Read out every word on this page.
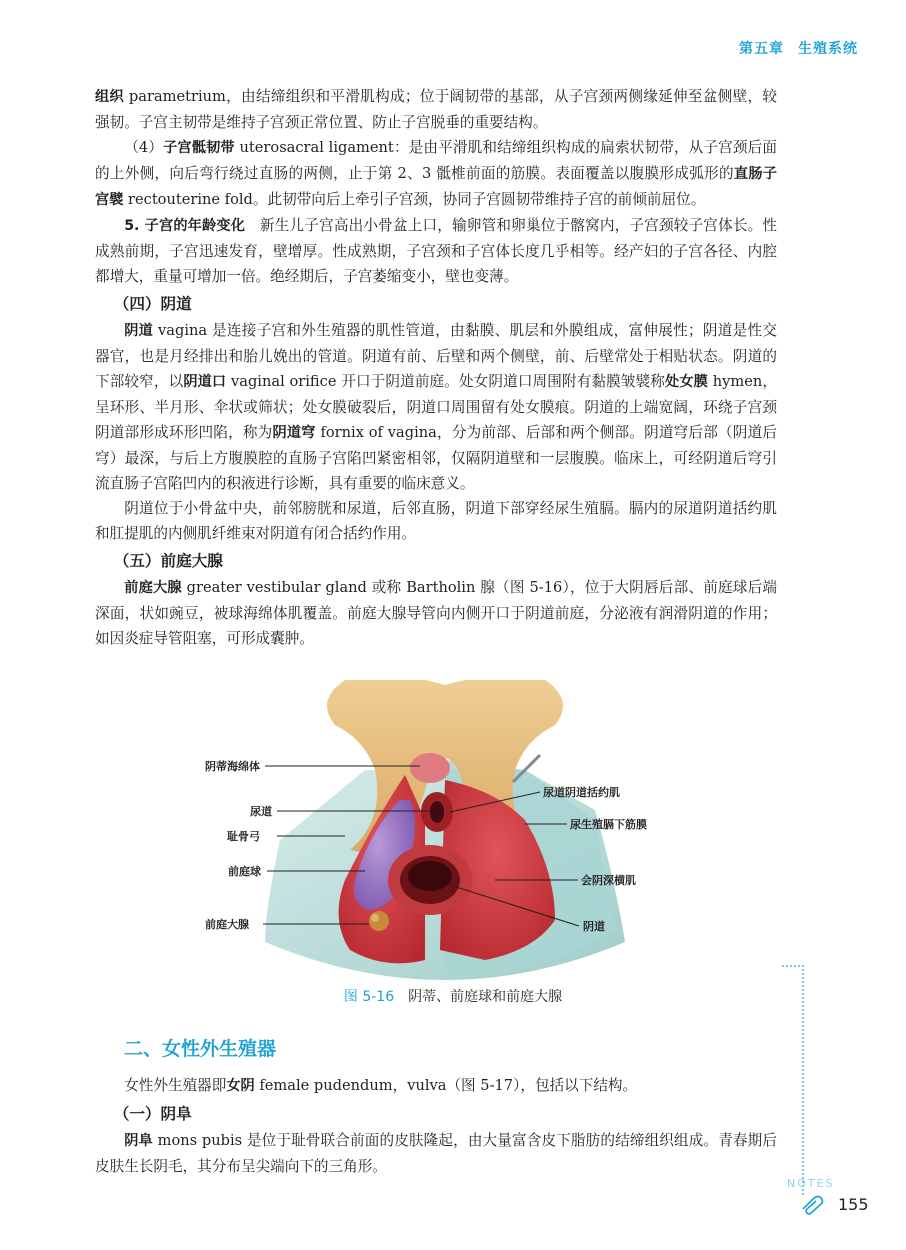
第五章 生殖系统

组织 parametrium，由结缔组织和平滑肌构成；位于阔韧带的基部，从子宫颈两侧缘延伸至盆侧壁，较强韧。子宫主韧带是维持子宫颈正常位置、防止子宫脱垂的重要结构。

（4）子宫骶韧带 uterosacral ligament：是由平滑肌和结缔组织构成的扁索状韧带，从子宫颈后面的上外侧，向后弯行绕过直肠的两侧，止于第 2、3 骶椎前面的筋膜。表面覆盖以腹膜形成弧形的直肠子宫襞 rectouterine fold。此韧带向后上牵引子宫颈，协同子宫圆韧带维持子宫的前倾前屈位。

5. 子宫的年龄变化　新生儿子宫高出小骨盆上口，输卵管和卵巢位于髂窝内，子宫颈较子宫体长。性成熟前期，子宫迅速发育，壁增厚。性成熟期，子宫颈和子宫体长度几乎相等。经产妇的子宫各径、内腔都增大，重量可增加一倍。绝经期后，子宫萎缩变小，壁也变薄。

（四）阴道

阴道 vagina 是连接子宫和外生殖器的肌性管道，由黏膜、肌层和外膜组成，富伸展性；阴道是性交器官，也是月经排出和胎儿娩出的管道。阴道有前、后壁和两个侧壁，前、后壁常处于相贴状态。阴道的下部较窄，以阴道口 vaginal orifice 开口于阴道前庭。处女阴道口周围附有黏膜皱襞称处女膜 hymen，呈环形、半月形、伞状或筛状；处女膜破裂后，阴道口周围留有处女膜痕。阴道的上端宽阔，环绕子宫颈阴道部形成环形凹陷，称为阴道穹 fornix of vagina，分为前部、后部和两个侧部。阴道穹后部（阴道后穹）最深，与后上方腹膜腔的直肠子宫陷凹紧密相邻，仅隔阴道壁和一层腹膜。临床上，可经阴道后穹引流直肠子宫陷凹内的积液进行诊断，具有重要的临床意义。

阴道位于小骨盆中央，前邻膀胱和尿道，后邻直肠，阴道下部穿经尿生殖膈。膈内的尿道阴道括约肌和肛提肌的内侧肌纤维束对阴道有闭合括约作用。

（五）前庭大腺

前庭大腺 greater vestibular gland 或称 Bartholin 腺（图 5-16），位于大阴唇后部、前庭球后端深面，状如豌豆，被球海绵体肌覆盖。前庭大腺导管向内侧开口于阴道前庭，分泌液有润滑阴道的作用；如因炎症导管阻塞，可形成囊肿。

阴蒂海绵体
尿道
耻骨弓
前庭球
前庭大腺
尿道阴道括约肌
尿生殖膈下筋膜
会阴深横肌
阴道
图 5-16 阴蒂、前庭球和前庭大腺
二、女性外生殖器

女性外生殖器即女阴 female pudendum，vulva（图 5-17），包括以下结构。

（一）阴阜

阴阜 mons pubis 是位于耻骨联合前面的皮肤隆起，由大量富含皮下脂肪的结缔组织组成。青春期后皮肤生长阴毛，其分布呈尖端向下的三角形。

NOTES
155
